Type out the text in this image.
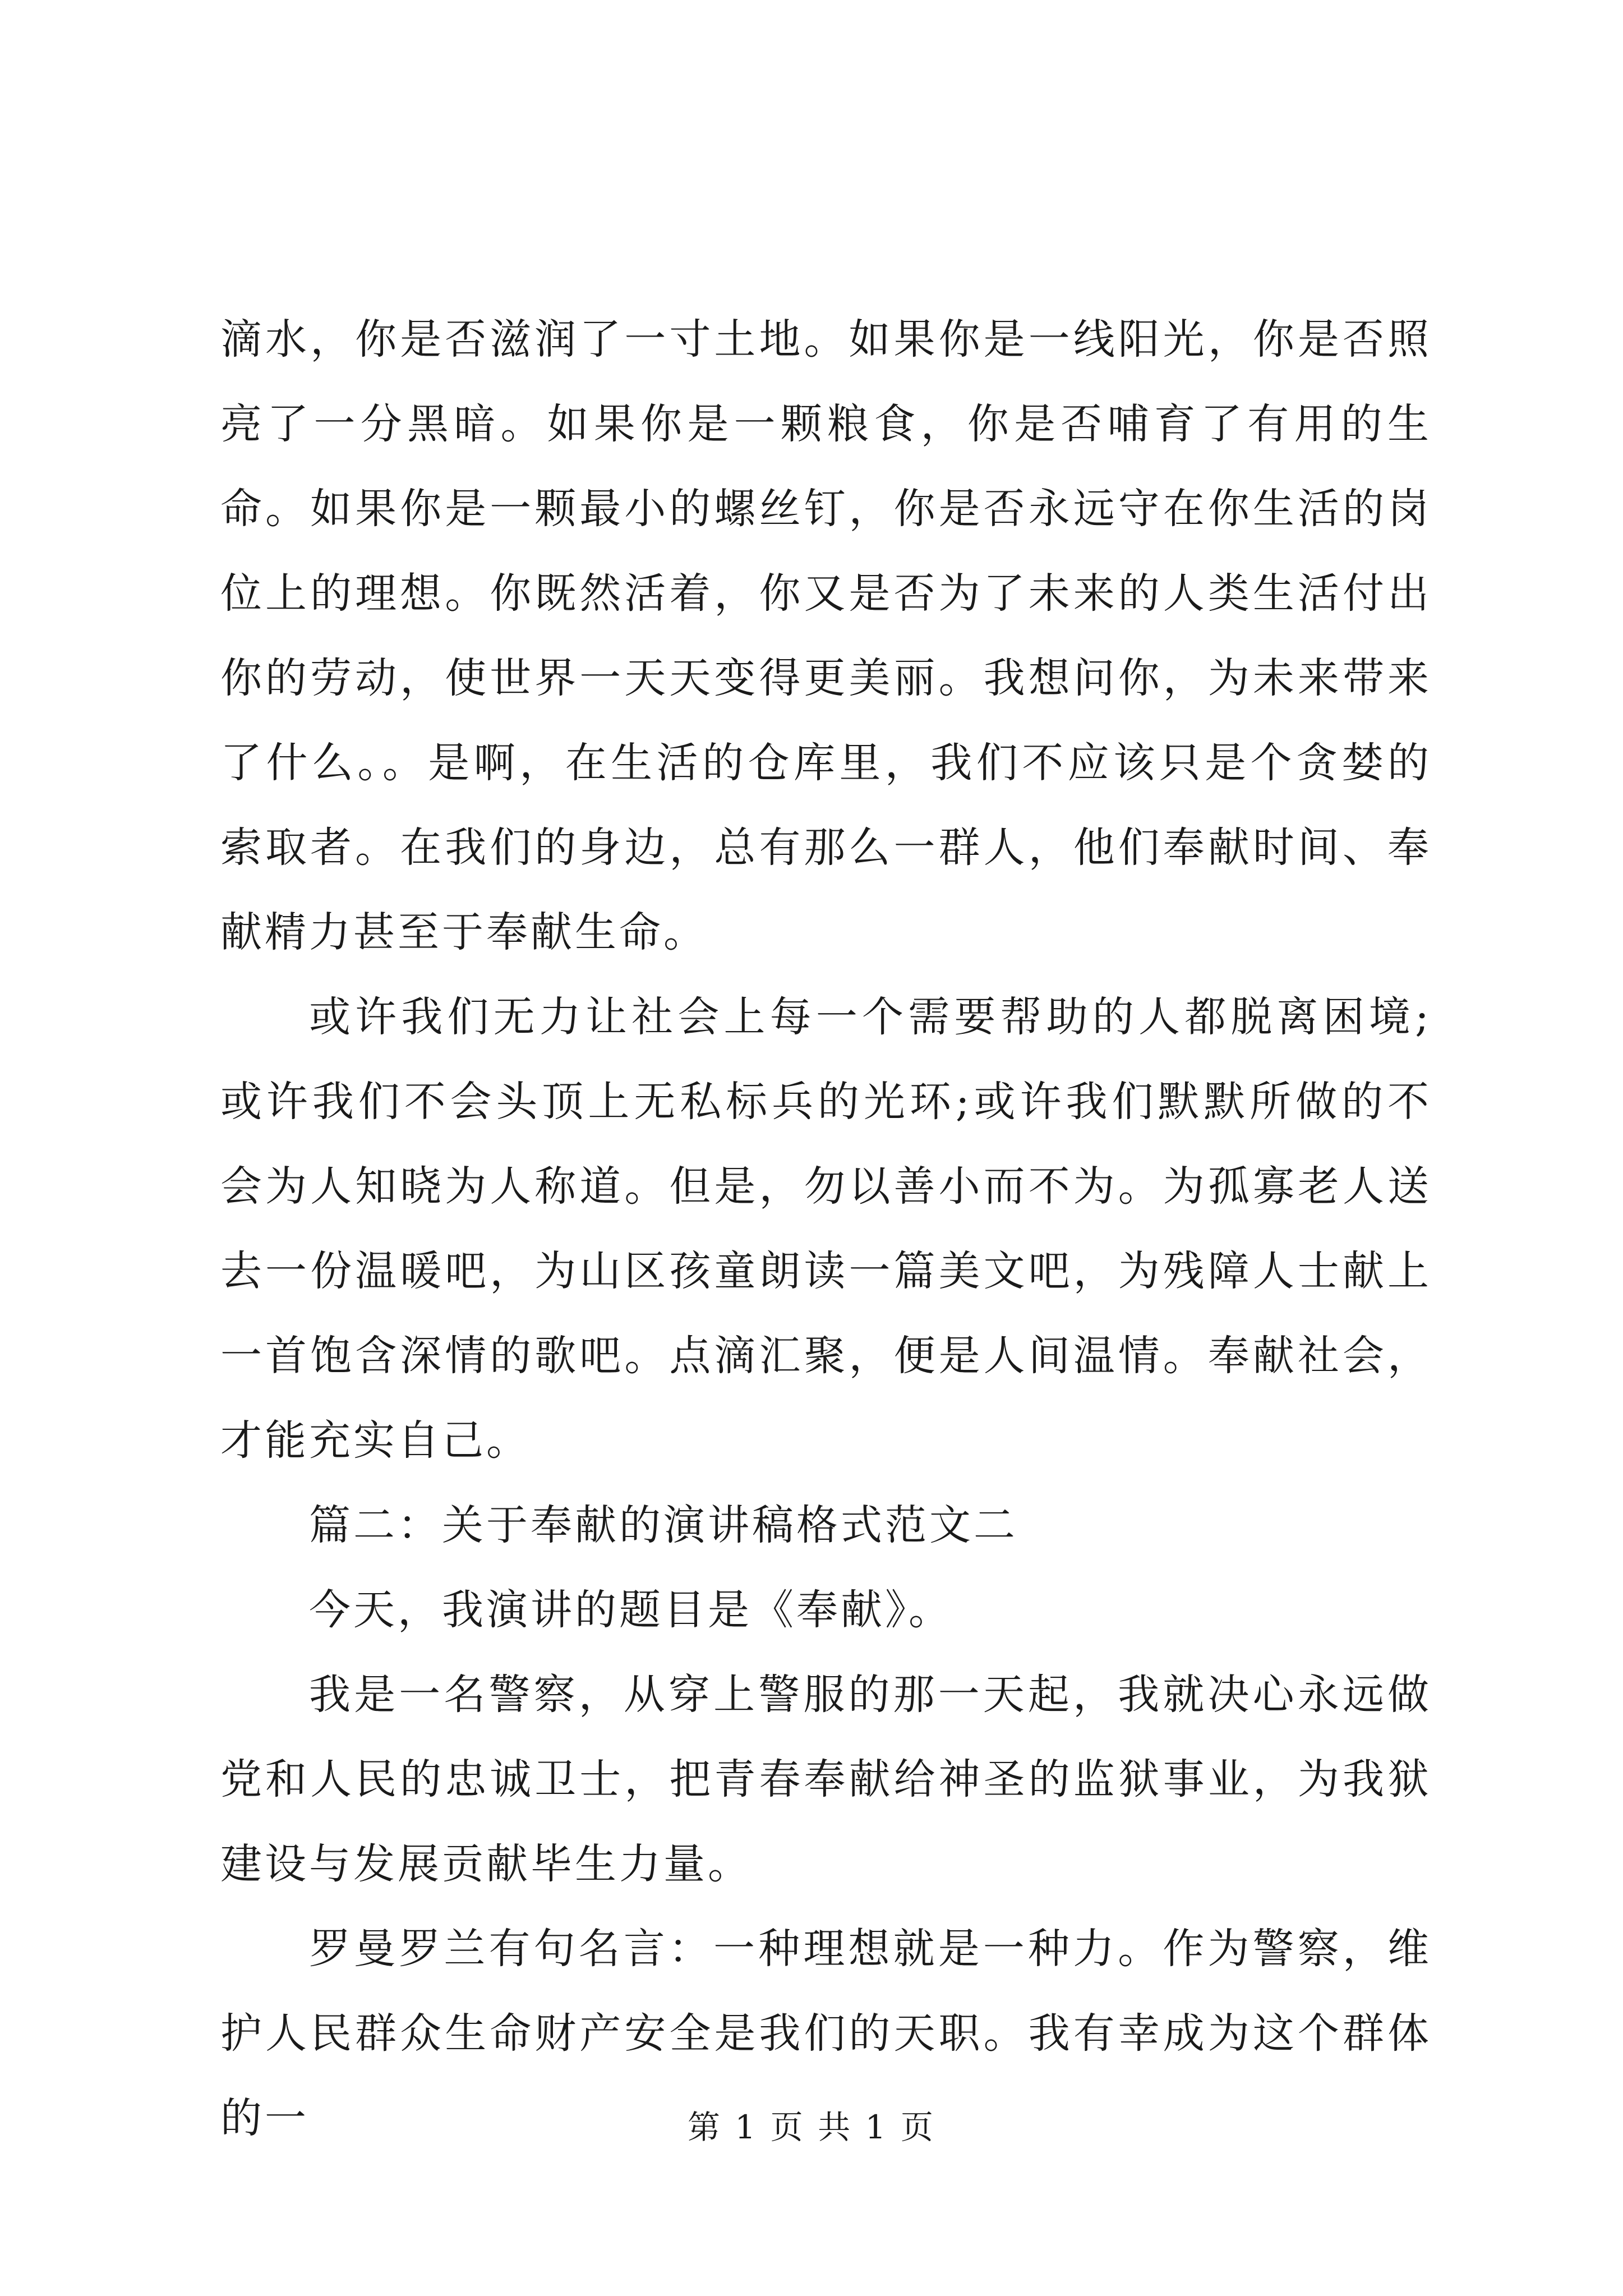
滴水，你是否滋润了一寸土地。如果你是一线阳光，你是否照亮了一分黑暗。如果你是一颗粮食，你是否哺育了有用的生命。如果你是一颗最小的螺丝钉，你是否永远守在你生活的岗位上的理想。你既然活着，你又是否为了未来的人类生活付出你的劳动，使世界一天天变得更美丽。我想问你，为未来带来了什么。。是啊，在生活的仓库里，我们不应该只是个贪婪的索取者。在我们的身边，总有那么一群人，他们奉献时间、奉献精力甚至于奉献生命。

或许我们无力让社会上每一个需要帮助的人都脱离困境;或许我们不会头顶上无私标兵的光环;或许我们默默所做的不会为人知晓为人称道。但是，勿以善小而不为。为孤寡老人送去一份温暖吧，为山区孩童朗读一篇美文吧，为残障人士献上一首饱含深情的歌吧。点滴汇聚，便是人间温情。奉献社会，才能充实自己。

篇二：关于奉献的演讲稿格式范文二

今天，我演讲的题目是《奉献》。

我是一名警察，从穿上警服的那一天起，我就决心永远做党和人民的忠诚卫士，把青春奉献给神圣的监狱事业，为我狱建设与发展贡献毕生力量。

罗曼罗兰有句名言：一种理想就是一种力。作为警察，维护人民群众生命财产安全是我们的天职。我有幸成为这个群体的一	第 1 页 共 1 页
